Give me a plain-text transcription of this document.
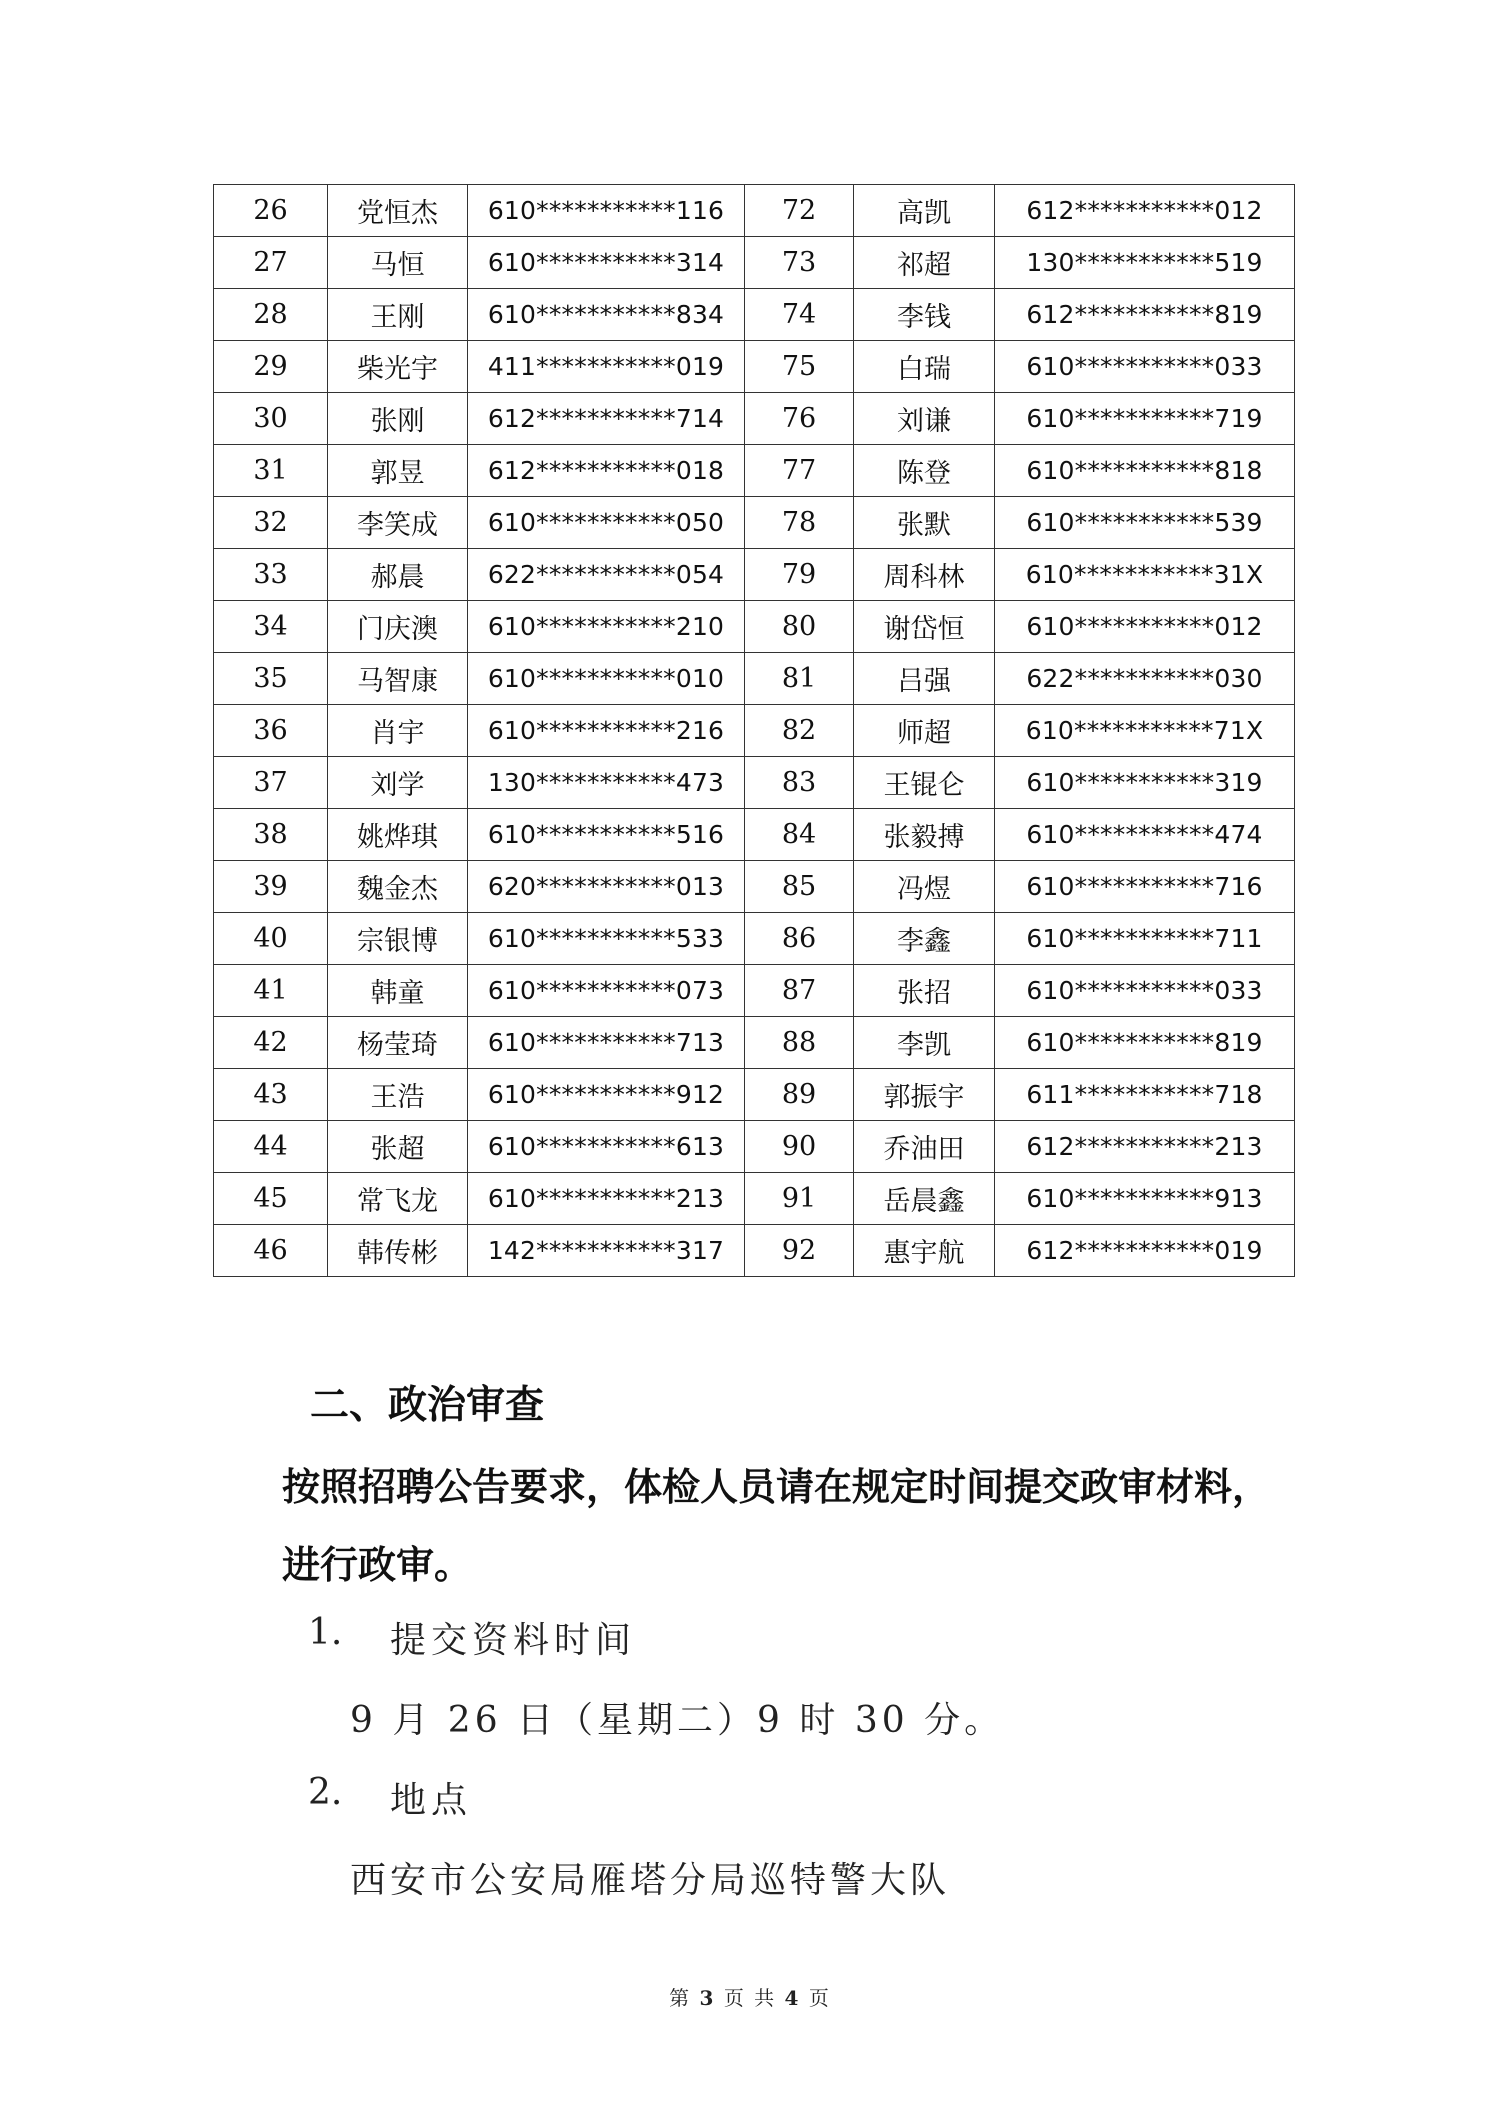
26	党恒杰	610***********116	72	高凯	612***********012
27	马恒	610***********314	73	祁超	130***********519
28	王刚	610***********834	74	李钱	612***********819
29	柴光宇	411***********019	75	白瑞	610***********033
30	张刚	612***********714	76	刘谦	610***********719
31	郭昱	612***********018	77	陈登	610***********818
32	李笑成	610***********050	78	张默	610***********539
33	郝晨	622***********054	79	周科林	610***********31X
34	门庆澳	610***********210	80	谢岱恒	610***********012
35	马智康	610***********010	81	吕强	622***********030
36	肖宇	610***********216	82	师超	610***********71X
37	刘学	130***********473	83	王锟仑	610***********319
38	姚烨琪	610***********516	84	张毅搏	610***********474
39	魏金杰	620***********013	85	冯煜	610***********716
40	宗银博	610***********533	86	李鑫	610***********711
41	韩童	610***********073	87	张招	610***********033
42	杨莹琦	610***********713	88	李凯	610***********819
43	王浩	610***********912	89	郭振宇	611***********718
44	张超	610***********613	90	乔油田	612***********213
45	常飞龙	610***********213	91	岳晨鑫	610***********913
46	韩传彬	142***********317	92	惠宇航	612***********019
二、政治审查
按照招聘公告要求，体检人员请在规定时间提交政审材料，
进行政审。
1. 提交资料时间
9 月 26 日（星期二）9 时 30 分。
2. 地点
西安市公安局雁塔分局巡特警大队
第 3 页 共 4 页
